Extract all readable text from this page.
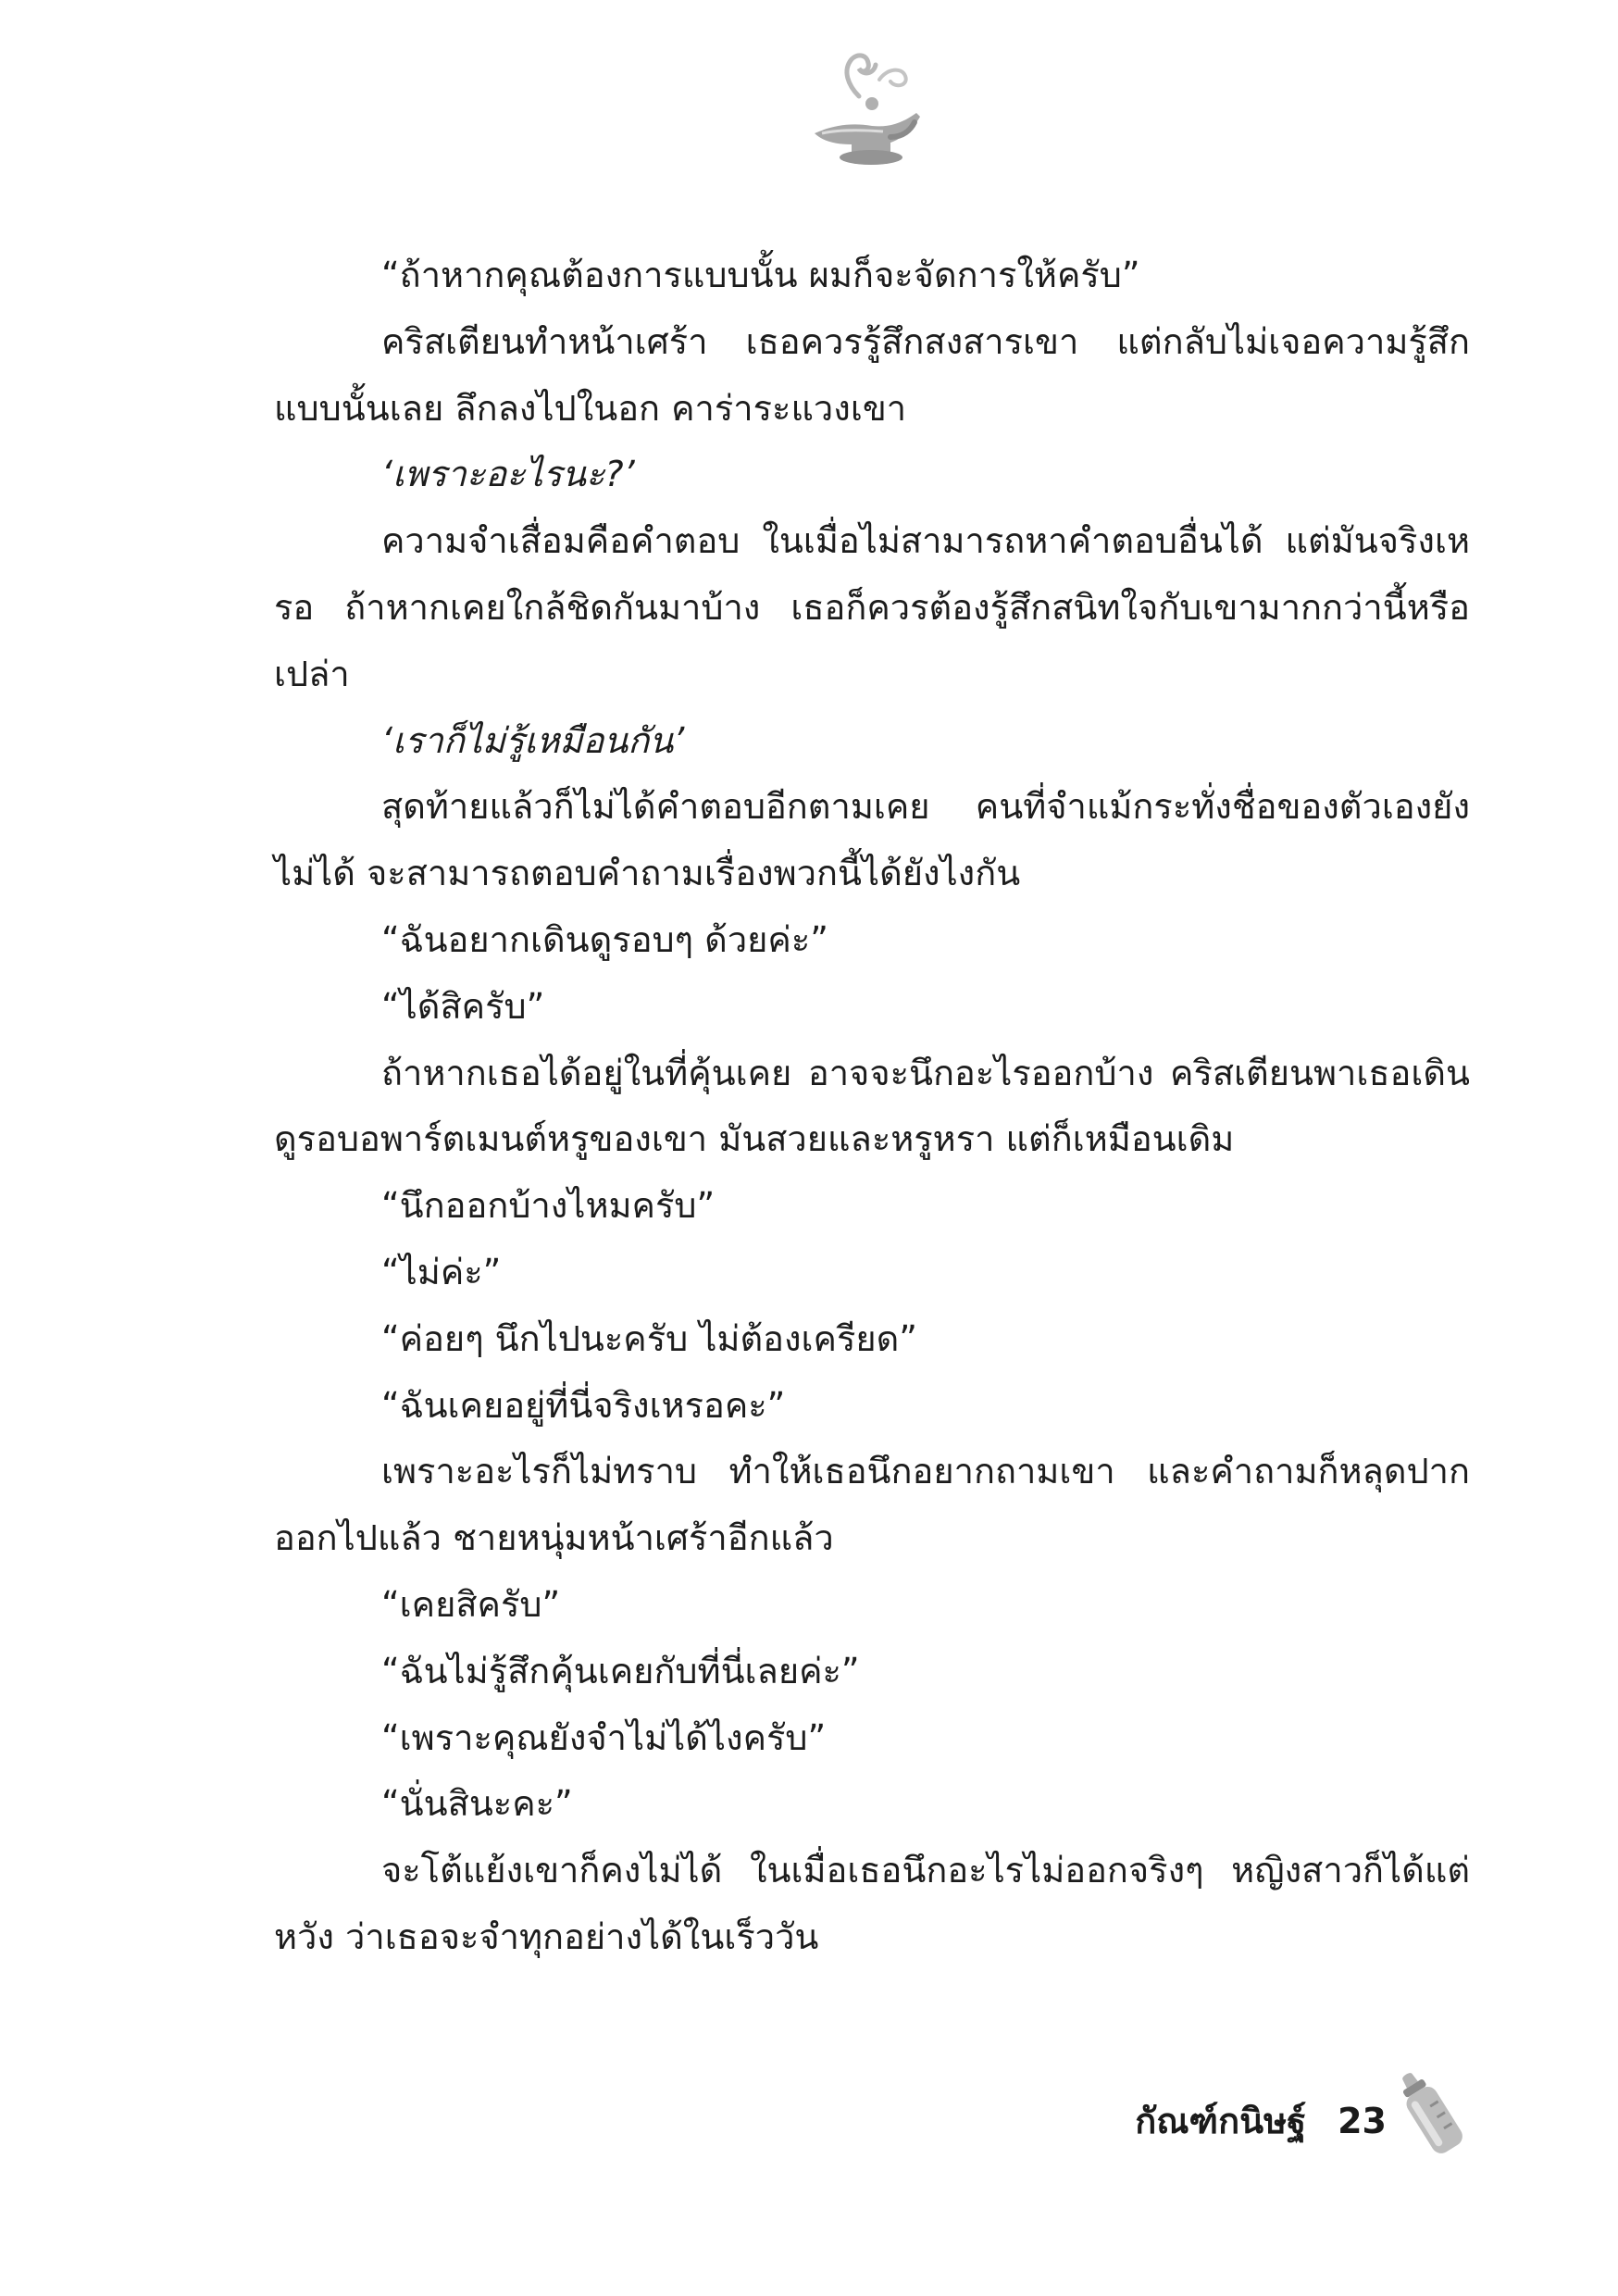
“ถ้าหากคุณต้องการแบบนั้น ผมก็จะจัดการให้ครับ”

คริสเตียนทำหน้าเศร้า เธอควรรู้สึกสงสารเขา แต่กลับไม่เจอความรู้สึกแบบนั้นเลย ลึกลงไปในอก คาร่าระแวงเขา

‘เพราะอะไรนะ?’

ความจำเสื่อมคือคำตอบ ในเมื่อไม่สามารถหาคำตอบอื่นได้ แต่มันจริงเหรอ ถ้าหากเคยใกล้ชิดกันมาบ้าง เธอก็ควรต้องรู้สึกสนิทใจกับเขามากกว่านี้หรือเปล่า

‘เราก็ไม่รู้เหมือนกัน’

สุดท้ายแล้วก็ไม่ได้คำตอบอีกตามเคย คนที่จำแม้กระทั่งชื่อของตัวเองยังไม่ได้ จะสามารถตอบคำถามเรื่องพวกนี้ได้ยังไงกัน

“ฉันอยากเดินดูรอบๆ ด้วยค่ะ”

“ได้สิครับ”

ถ้าหากเธอได้อยู่ในที่คุ้นเคย อาจจะนึกอะไรออกบ้าง คริสเตียนพาเธอเดินดูรอบอพาร์ตเมนต์หรูของเขา มันสวยและหรูหรา แต่ก็เหมือนเดิม

“นึกออกบ้างไหมครับ”

“ไม่ค่ะ”

“ค่อยๆ นึกไปนะครับ ไม่ต้องเครียด”

“ฉันเคยอยู่ที่นี่จริงเหรอคะ”

เพราะอะไรก็ไม่ทราบ ทำให้เธอนึกอยากถามเขา และคำถามก็หลุดปากออกไปแล้ว ชายหนุ่มหน้าเศร้าอีกแล้ว

“เคยสิครับ”

“ฉันไม่รู้สึกคุ้นเคยกับที่นี่เลยค่ะ”

“เพราะคุณยังจำไม่ได้ไงครับ”

“นั่นสินะคะ”

จะโต้แย้งเขาก็คงไม่ได้ ในเมื่อเธอนึกอะไรไม่ออกจริงๆ หญิงสาวก็ได้แต่หวัง ว่าเธอจะจำทุกอย่างได้ในเร็ววัน

กัณฑ์กนิษฐ์ 23
